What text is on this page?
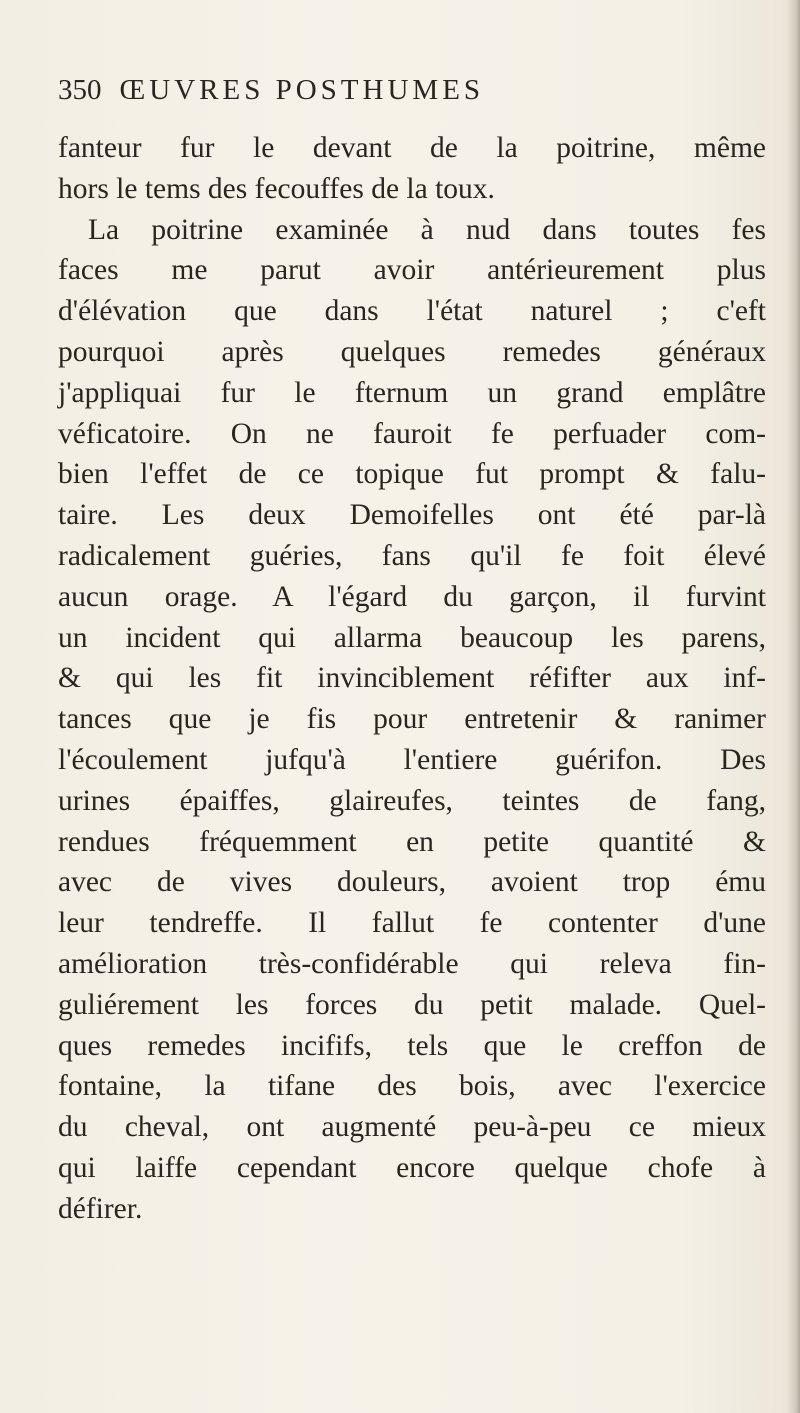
350 ŒUVRES POSTHUMES
fanteur fur le devant de la poitrine, même
hors le tems des fecouffes de la toux.
La poitrine examinée à nud dans toutes fes
faces me parut avoir antérieurement plus
d'élévation que dans l'état naturel ; c'eft
pourquoi après quelques remedes généraux
j'appliquai fur le fternum un grand emplâtre
véficatoire. On ne fauroit fe perfuader com-
bien l'effet de ce topique fut prompt & falu-
taire. Les deux Demoifelles ont été par-là
radicalement guéries, fans qu'il fe foit élevé
aucun orage. A l'égard du garçon, il furvint
un incident qui allarma beaucoup les parens,
& qui les fit invinciblement réfifter aux inf-
tances que je fis pour entretenir & ranimer
l'écoulement jufqu'à l'entiere guérifon. Des
urines épaiffes, glaireufes, teintes de fang,
rendues fréquemment en petite quantité &
avec de vives douleurs, avoient trop ému
leur tendreffe. Il fallut fe contenter d'une
amélioration très-confidérable qui releva fin-
guliérement les forces du petit malade. Quel-
ques remedes incififs, tels que le creffon de
fontaine, la tifane des bois, avec l'exercice
du cheval, ont augmenté peu-à-peu ce mieux
qui laiffe cependant encore quelque chofe à
défirer.
